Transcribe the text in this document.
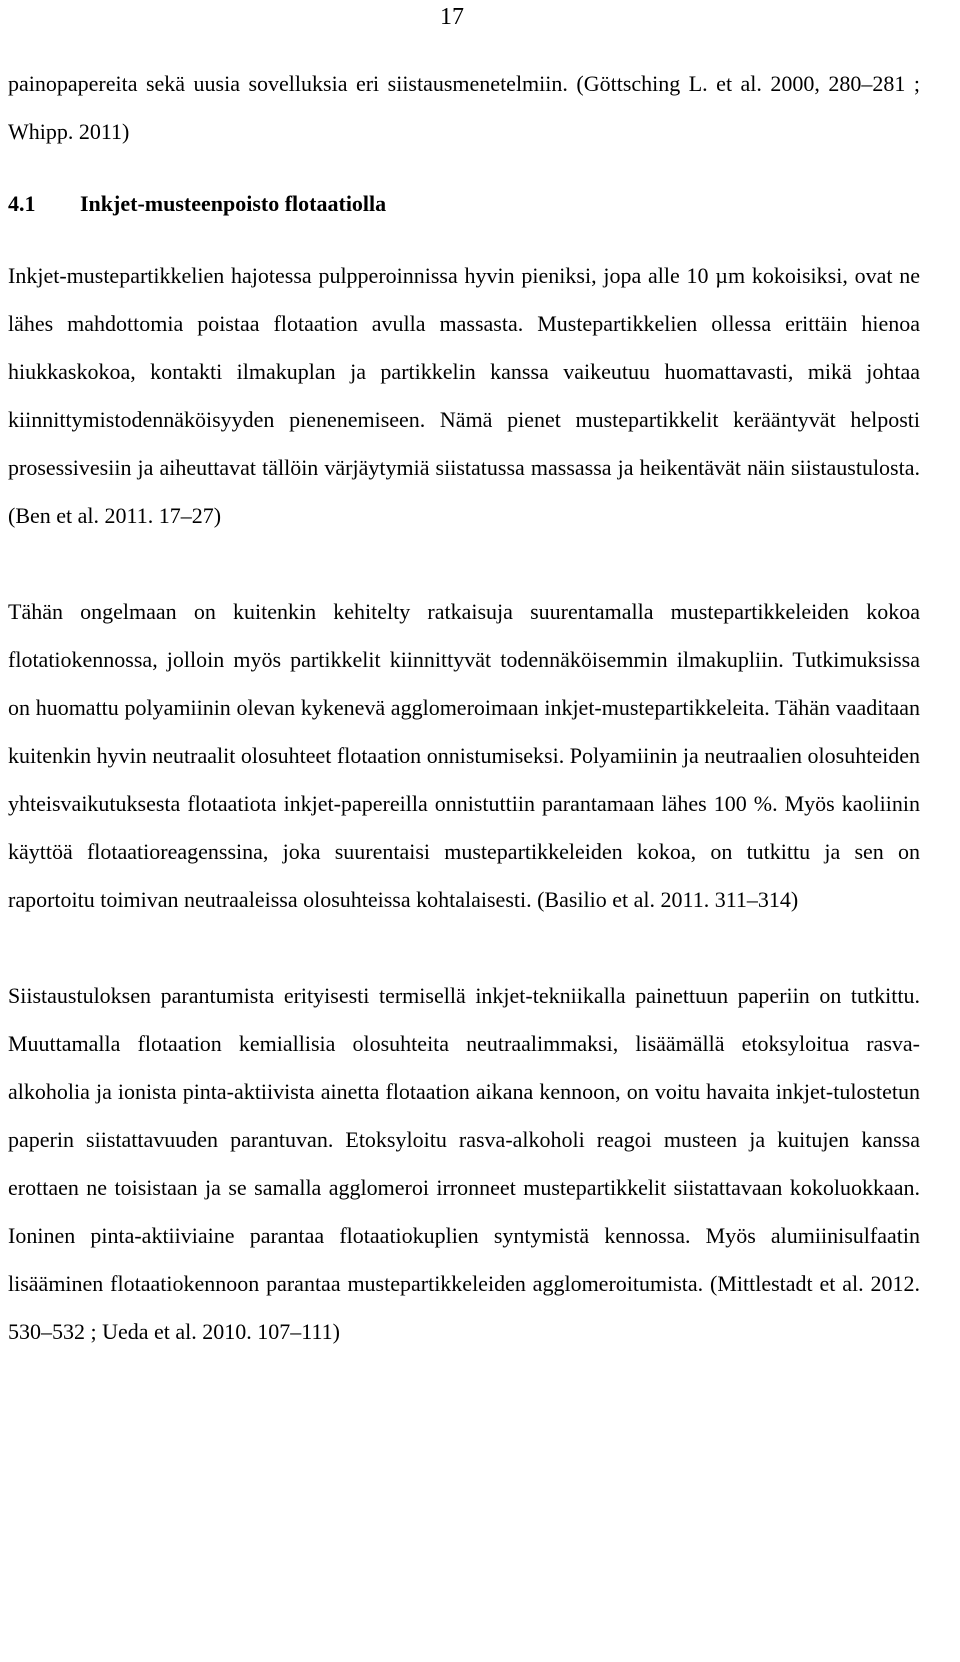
17

painopapereita sekä uusia sovelluksia eri siistausmenetelmiin. (Göttsching L. et al. 2000, 280–281 ; Whipp. 2011)

4.1 Inkjet-musteenpoisto flotaatiolla

Inkjet-mustepartikkelien hajotessa pulpperoinnissa hyvin pieniksi, jopa alle 10 µm kokoisiksi, ovat ne lähes mahdottomia poistaa flotaation avulla massasta. Mustepartikkelien ollessa erittäin hienoa hiukkaskokoa, kontakti ilmakuplan ja partikkelin kanssa vaikeutuu huomattavasti, mikä johtaa kiinnittymistodennäköisyyden pienenemiseen. Nämä pienet mustepartikkelit kerääntyvät helposti prosessivesiin ja aiheuttavat tällöin värjäytymiä siistatussa massassa ja heikentävät näin siistaustulosta. (Ben et al. 2011. 17–27)

Tähän ongelmaan on kuitenkin kehitelty ratkaisuja suurentamalla mustepartikkeleiden kokoa flotatiokennossa, jolloin myös partikkelit kiinnittyvät todennäköisemmin ilmakupliin. Tutkimuksissa on huomattu polyamiinin olevan kykenevä agglomeroimaan inkjet-mustepartikkeleita. Tähän vaaditaan kuitenkin hyvin neutraalit olosuhteet flotaation onnistumiseksi. Polyamiinin ja neutraalien olosuhteiden yhteisvaikutuksesta flotaatiota inkjet-papereilla onnistuttiin parantamaan lähes 100 %. Myös kaoliinin käyttöä flotaatioreagenssina, joka suurentaisi mustepartikkeleiden kokoa, on tutkittu ja sen on raportoitu toimivan neutraaleissa olosuhteissa kohtalaisesti. (Basilio et al. 2011. 311–314)

Siistaustuloksen parantumista erityisesti termisellä inkjet-tekniikalla painettuun paperiin on tutkittu. Muuttamalla flotaation kemiallisia olosuhteita neutraalimmaksi, lisäämällä etoksyloitua rasva-alkoholia ja ionista pinta-aktiivista ainetta flotaation aikana kennoon, on voitu havaita inkjet-tulostetun paperin siistattavuuden parantuvan. Etoksyloitu rasva-alkoholi reagoi musteen ja kuitujen kanssa erottaen ne toisistaan ja se samalla agglomeroi irronneet mustepartikkelit siistattavaan kokoluokkaan. Ioninen pinta-aktiiviaine parantaa flotaatiokuplien syntymistä kennossa. Myös alumiinisulfaatin lisääminen flotaatiokennoon parantaa mustepartikkeleiden agglomeroitumista. (Mittlestadt et al. 2012. 530–532 ; Ueda et al. 2010. 107–111)
